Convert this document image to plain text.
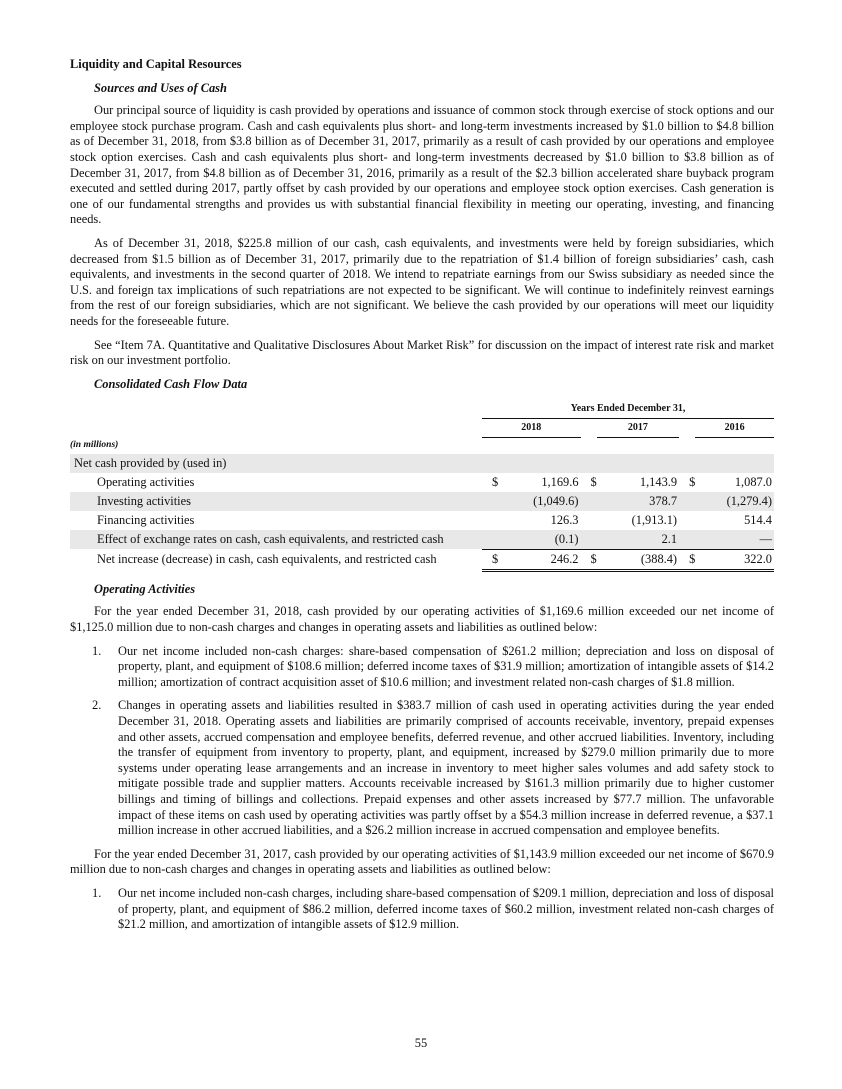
Liquidity and Capital Resources
Sources and Uses of Cash

Our principal source of liquidity is cash provided by operations and issuance of common stock through exercise of stock options and our employee stock purchase program. Cash and cash equivalents plus short- and long-term investments increased by $1.0 billion to $4.8 billion as of December 31, 2018, from $3.8 billion as of December 31, 2017, primarily as a result of cash provided by our operations and employee stock option exercises. Cash and cash equivalents plus short- and long-term investments decreased by $1.0 billion to $3.8 billion as of December 31, 2017, from $4.8 billion as of December 31, 2016, primarily as a result of the $2.3 billion accelerated share buyback program executed and settled during 2017, partly offset by cash provided by our operations and employee stock option exercises. Cash generation is one of our fundamental strengths and provides us with substantial financial flexibility in meeting our operating, investing, and financing needs.

As of December 31, 2018, $225.8 million of our cash, cash equivalents, and investments were held by foreign subsidiaries, which decreased from $1.5 billion as of December 31, 2017, primarily due to the repatriation of $1.4 billion of foreign subsidiaries’ cash, cash equivalents, and investments in the second quarter of 2018. We intend to repatriate earnings from our Swiss subsidiary as needed since the U.S. and foreign tax implications of such repatriations are not expected to be significant. We will continue to indefinitely reinvest earnings from the rest of our foreign subsidiaries, which are not significant. We believe the cash provided by our operations will meet our liquidity needs for the foreseeable future.

See “Item 7A. Quantitative and Qualitative Disclosures About Market Risk” for discussion on the impact of interest rate risk and market risk on our investment portfolio.

Consolidated Cash Flow Data
	Years Ended December 31,					
	2018			2017		2016
(in millions)						
Net cash provided by (used in)						
Operating activities	$	1,169.6	$	1,143.9	$	1,087.0
Investing activities		(1,049.6)		378.7		(1,279.4)
Financing activities		126.3		(1,913.1)		514.4
Effect of exchange rates on cash, cash equivalents, and restricted cash		(0.1)		2.1		—
Net increase (decrease) in cash, cash equivalents, and restricted cash	$	246.2	$	(388.4)	$	322.0
Operating Activities

For the year ended December 31, 2018, cash provided by our operating activities of $1,169.6 million exceeded our net income of $1,125.0 million due to non-cash charges and changes in operating assets and liabilities as outlined below:

1. Our net income included non-cash charges: share-based compensation of $261.2 million; depreciation and loss on disposal of property, plant, and equipment of $108.6 million; deferred income taxes of $31.9 million; amortization of intangible assets of $14.2 million; amortization of contract acquisition asset of $10.6 million; and investment related non-cash charges of $1.8 million.
2. Changes in operating assets and liabilities resulted in $383.7 million of cash used in operating activities during the year ended December 31, 2018. Operating assets and liabilities are primarily comprised of accounts receivable, inventory, prepaid expenses and other assets, accrued compensation and employee benefits, deferred revenue, and other accrued liabilities. Inventory, including the transfer of equipment from inventory to property, plant, and equipment, increased by $279.0 million primarily due to more systems under operating lease arrangements and an increase in inventory to meet higher sales volumes and add safety stock to mitigate possible trade and supplier matters. Accounts receivable increased by $161.3 million primarily due to higher customer billings and timing of billings and collections. Prepaid expenses and other assets increased by $77.7 million. The unfavorable impact of these items on cash used by operating activities was partly offset by a $54.3 million increase in deferred revenue, a $37.1 million increase in other accrued liabilities, and a $26.2 million increase in accrued compensation and employee benefits.

For the year ended December 31, 2017, cash provided by our operating activities of $1,143.9 million exceeded our net income of $670.9 million due to non-cash charges and changes in operating assets and liabilities as outlined below:

1. Our net income included non-cash charges, including share-based compensation of $209.1 million, depreciation and loss of disposal of property, plant, and equipment of $86.2 million, deferred income taxes of $60.2 million, investment related non-cash charges of $21.2 million, and amortization of intangible assets of $12.9 million.
55
